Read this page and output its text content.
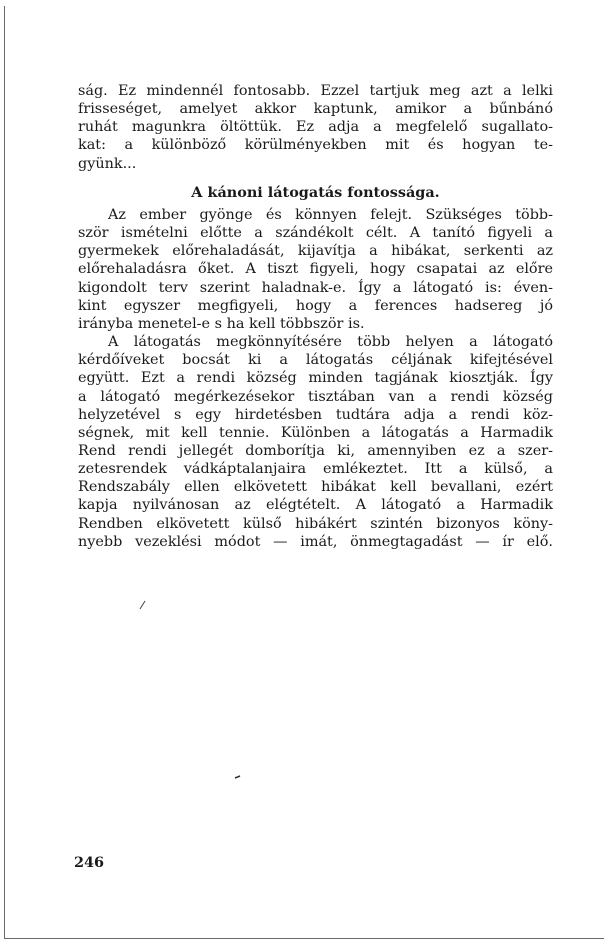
ság. Ez mindennél fontosabb. Ezzel tartjuk meg azt a lelki
frisseséget, amelyet akkor kaptunk, amikor a bűnbánó
ruhát magunkra öltöttük. Ez adja a megfelelő sugallato-
kat: a különböző körülményekben mit és hogyan te-
gyünk...
A kánoni látogatás fontossága.
Az ember gyönge és könnyen felejt. Szükséges több-
ször ismételni előtte a szándékolt célt. A tanító figyeli a
gyermekek előrehaladását, kijavítja a hibákat, serkenti az
előrehaladásra őket. A tiszt figyeli, hogy csapatai az előre
kigondolt terv szerint haladnak-e. Így a látogató is: éven-
kint egyszer megfigyeli, hogy a ferences hadsereg jó
irányba menetel-e s ha kell többször is.
A látogatás megkönnyítésére több helyen a látogató
kérdőíveket bocsát ki a látogatás céljának kifejtésével
együtt. Ezt a rendi község minden tagjának kiosztják. Így
a látogató megérkezésekor tisztában van a rendi község
helyzetével s egy hirdetésben tudtára adja a rendi köz-
ségnek, mit kell tennie. Különben a látogatás a Harmadik
Rend rendi jellegét domborítja ki, amennyiben ez a szer-
zetesrendek vádkáptalanjaira emlékeztet. Itt a külső, a
Rendszabály ellen elkövetett hibákat kell bevallani, ezért
kapja nyilvánosan az elégtételt. A látogató a Harmadik
Rendben elkövetett külső hibákért szintén bizonyos köny-
nyebb vezeklési módot — imát, önmegtagadást — ír elő.
246
